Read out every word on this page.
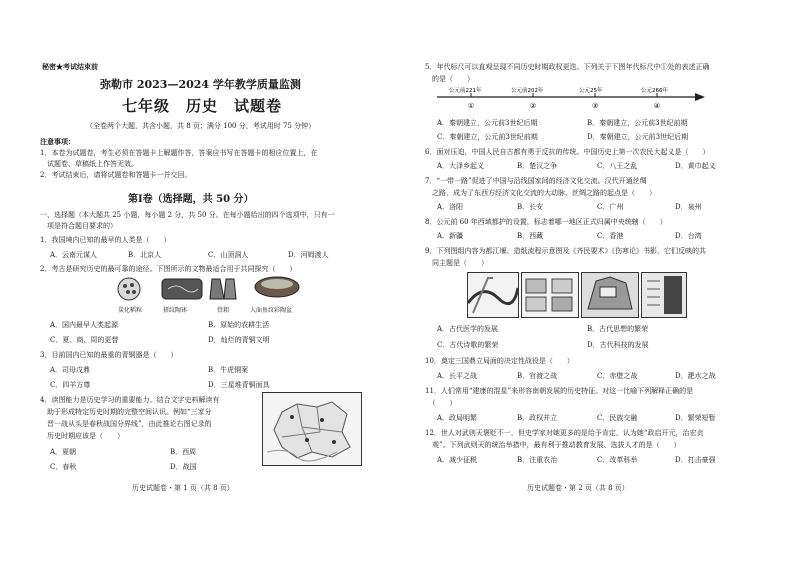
秘密★考试结束前
弥勒市 2023—2024 学年教学质量监测
七年级　历史　试题卷
（全卷两个大题，共含小题，共 8 页；满分 100 分，考试用时 75 分钟）
注意事项：
1．本卷为试题卷，考生必须在答题卡上解题作答，答案应书写在答题卡的相应位置上，在
　试题卷、草稿纸上作答无效。
2．考试结束后，请将试题卷和答题卡一并交回。
第Ⅰ卷（选择题，共 50 分）
一、选择题（本大题共 25 小题，每小题 2 分，共 50 分。在每小题给出的四个选项中，只有一
　项是符合题目要求的）
1．我国境内已知的最早的人类是（　　）
A．云南元谋人	B．北京人	C．山顶洞人	D．河姆渡人
2．考古是研究历史的最可靠的途径。下图所示的文物最适合用于共同探究（　　）
炭化稻粒	猪纹陶钵	骨耜	人面鱼纹彩陶盆
A．国内最早人类起源	B．原始的农耕生活
C．夏、商、周的更替	D．灿烂的青铜文明
3．目前国内已知的最重的青铜器是（　　）
A．司母戊鼎	B．牛虎铜案
C．四羊方尊	D．三星堆青铜面具
4．读图能力是历史学习的重要能力。结合文字史料解读有
　助于形成特定历史时期的完整空间认识。例如“三家分
　晋一战从头是春秋战国分界线”，由此推论右图记录的
　历史时期应该是（　　）
A．夏朝	B．西周
C．春秋	D．战国
历史试题卷・第 1 页（共 8 页）
5．年代标尺可以直观呈现不同历史时期政权更迭。下列关于下图年代标尺中①处的表述正确
　的是（　　）
公元前221年	公元前202年	公元25年	公元266年
①	②	③	④
A．秦朝建立，公元前3世纪后期	B．秦朝建立，公元前3世纪前期
C．秦朝建立，公元前3世纪前期	D．秦朝建立，公元前3世纪后期
6．面对压迫，中国人民自古都有勇于反抗的传统。中国历史上第一次农民大起义是（　　）
A．大泽乡起义	B．楚汉之争	C．八王之乱	D．黄巾起义
7．“一带一路”促进了中国与沿线国家间的经济文化交流。汉代开通丝绸
　之路，成为了东西方经济文化交流的大动脉，丝绸之路的起点是（　　）
A．洛阳	B．长安	C．广州	D．泉州
8．公元前 60 年西域都护的设置，标志着哪一地区正式归属中央统辖（　　）
A．新疆	B．西藏	C．香港	D．台湾
9．下列图组内容为都江堰、造纸流程示意图及《齐民要术》《伤寒论》书影，它们反映的共
　同主题是（　　）
A．古代医学的发展	B．古代思想的繁荣
C．古代诗歌的繁荣	D．古代科技的发展
10．奠定三国鼎立局面的决定性战役是（　　）
A．长平之战	B．官渡之战	C．赤壁之战	D．淝水之战
11．人们常用“建康的混星”来形容南朝发展的历史特征。对这一比喻下列解释正确的是
　（　　）
A．政局明繁	B．政权并立	C．民族交融	D．繁荣短暂
12．世人对武则天褒贬不一，但史学家对她更多的是给予肯定，认为她“政启开元，治宏贞
　观”。下列武则天的统治举措中，最有利于推动教育发展、选拔人才的是（　　）
A．减少征税	B．注重农治	C．改革科举	D．打击豪强
历史试题卷・第 2 页（共 8 页）
